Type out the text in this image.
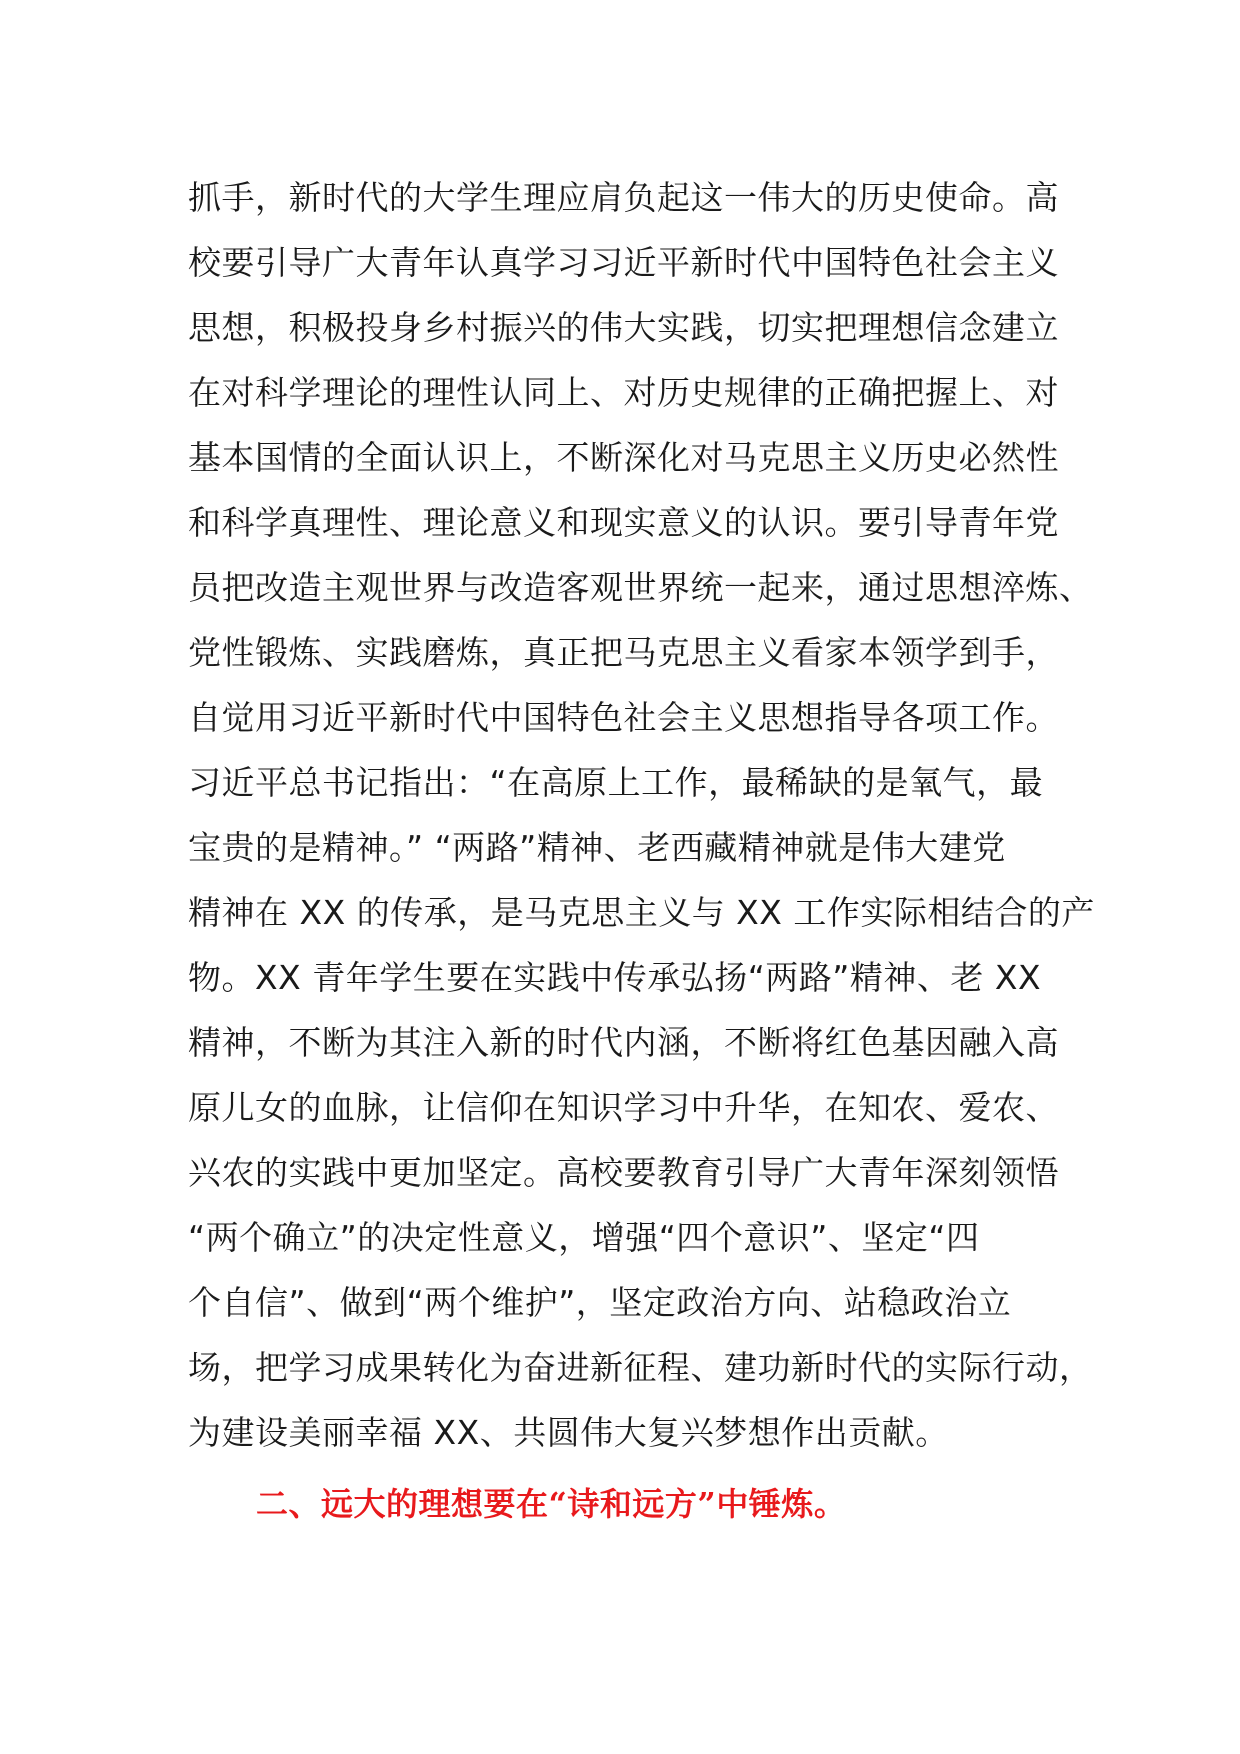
抓手，新时代的大学生理应肩负起这一伟大的历史使命。高
校要引导广大青年认真学习习近平新时代中国特色社会主义
思想，积极投身乡村振兴的伟大实践，切实把理想信念建立
在对科学理论的理性认同上、对历史规律的正确把握上、对
基本国情的全面认识上，不断深化对马克思主义历史必然性
和科学真理性、理论意义和现实意义的认识。要引导青年党
员把改造主观世界与改造客观世界统一起来，通过思想淬炼、
党性锻炼、实践磨炼，真正把马克思主义看家本领学到手，
自觉用习近平新时代中国特色社会主义思想指导各项工作。
习近平总书记指出：“在高原上工作，最稀缺的是氧气，最
宝贵的是精神。” “两路”精神、老西藏精神就是伟大建党
精神在 XX 的传承，是马克思主义与 XX 工作实际相结合的产
物。XX 青年学生要在实践中传承弘扬“两路”精神、老 XX
精神，不断为其注入新的时代内涵，不断将红色基因融入高
原儿女的血脉，让信仰在知识学习中升华，在知农、爱农、
兴农的实践中更加坚定。高校要教育引导广大青年深刻领悟
“两个确立”的决定性意义，增强“四个意识”、坚定“四
个自信”、做到“两个维护”，坚定政治方向、站稳政治立
场，把学习成果转化为奋进新征程、建功新时代的实际行动，
为建设美丽幸福 XX、共圆伟大复兴梦想作出贡献。
二、远大的理想要在“诗和远方”中锤炼。
